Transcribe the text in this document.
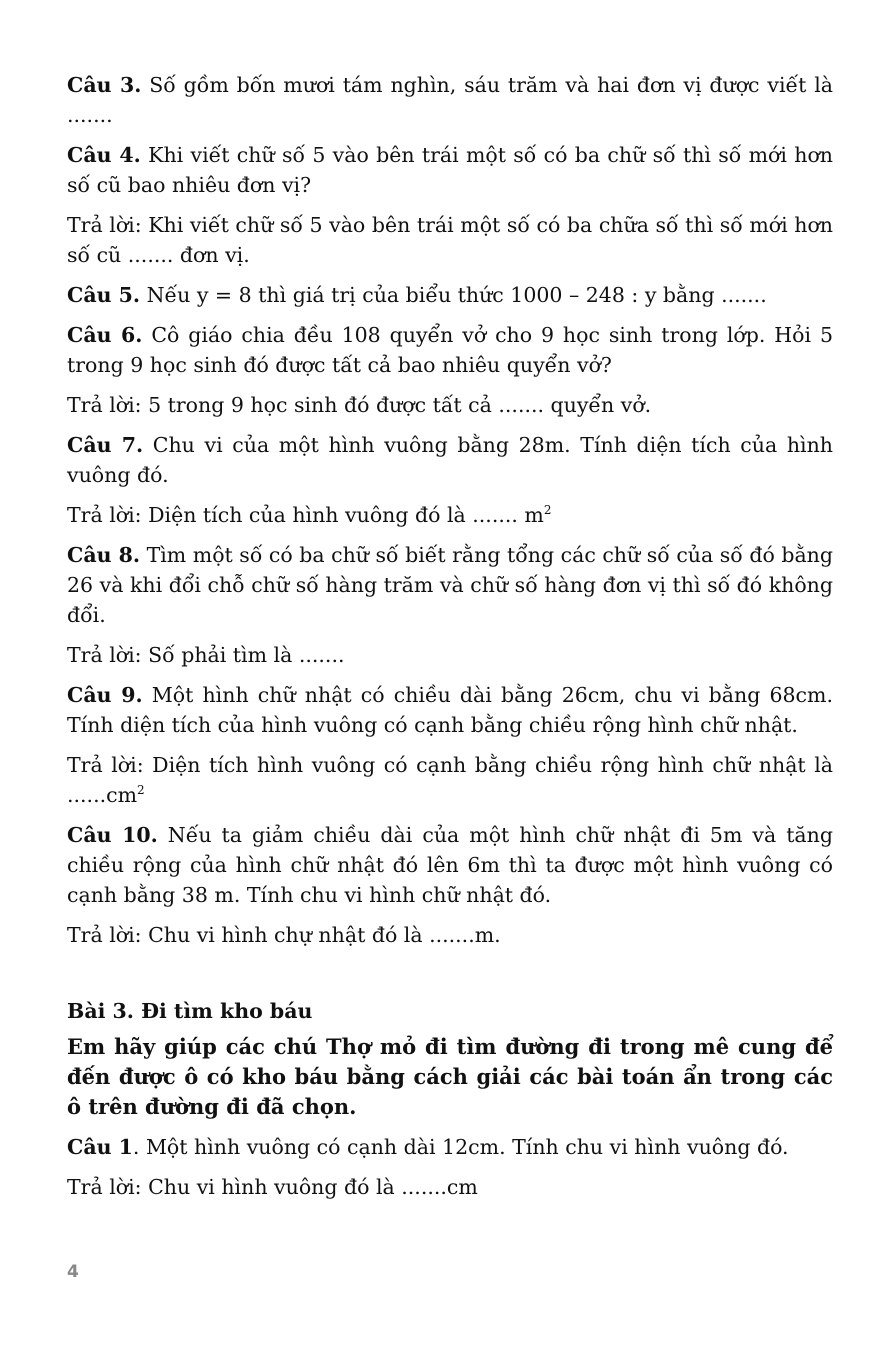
Câu 3. Số gồm bốn mươi tám nghìn, sáu trăm và hai đơn vị được viết là .......

Câu 4. Khi viết chữ số 5 vào bên trái một số có ba chữ số thì số mới hơn số cũ bao nhiêu đơn vị?

Trả lời: Khi viết chữ số 5 vào bên trái một số có ba chữa số thì số mới hơn số cũ ....... đơn vị.

Câu 5. Nếu y = 8 thì giá trị của biểu thức 1000 – 248 : y bằng .......

Câu 6. Cô giáo chia đều 108 quyển vở cho 9 học sinh trong lớp. Hỏi 5 trong 9 học sinh đó được tất cả bao nhiêu quyển vở?

Trả lời: 5 trong 9 học sinh đó được tất cả ....... quyển vở.

Câu 7. Chu vi của một hình vuông bằng 28m. Tính diện tích của hình vuông đó.

Trả lời: Diện tích của hình vuông đó là ....... $m^2$

Câu 8. Tìm một số có ba chữ số biết rằng tổng các chữ số của số đó bằng 26 và khi đổi chỗ chữ số hàng trăm và chữ số hàng đơn vị thì số đó không đổi.

Trả lời: Số phải tìm là .......

Câu 9. Một hình chữ nhật có chiều dài bằng 26cm, chu vi bằng 68cm. Tính diện tích của hình vuông có cạnh bằng chiều rộng hình chữ nhật.

Trả lời: Diện tích hình vuông có cạnh bằng chiều rộng hình chữ nhật là $......cm^2$

Câu 10. Nếu ta giảm chiều dài của một hình chữ nhật đi 5m và tăng chiều rộng của hình chữ nhật đó lên 6m thì ta được một hình vuông có cạnh bằng 38 m. Tính chu vi hình chữ nhật đó.

Trả lời: Chu vi hình chự nhật đó là .......m.

Bài 3. Đi tìm kho báu

Em hãy giúp các chú Thợ mỏ đi tìm đường đi trong mê cung để đến được ô có kho báu bằng cách giải các bài toán ẩn trong các ô trên đường đi đã chọn.

Câu 1. Một hình vuông có cạnh dài 12cm. Tính chu vi hình vuông đó.

Trả lời: Chu vi hình vuông đó là .......cm

4
